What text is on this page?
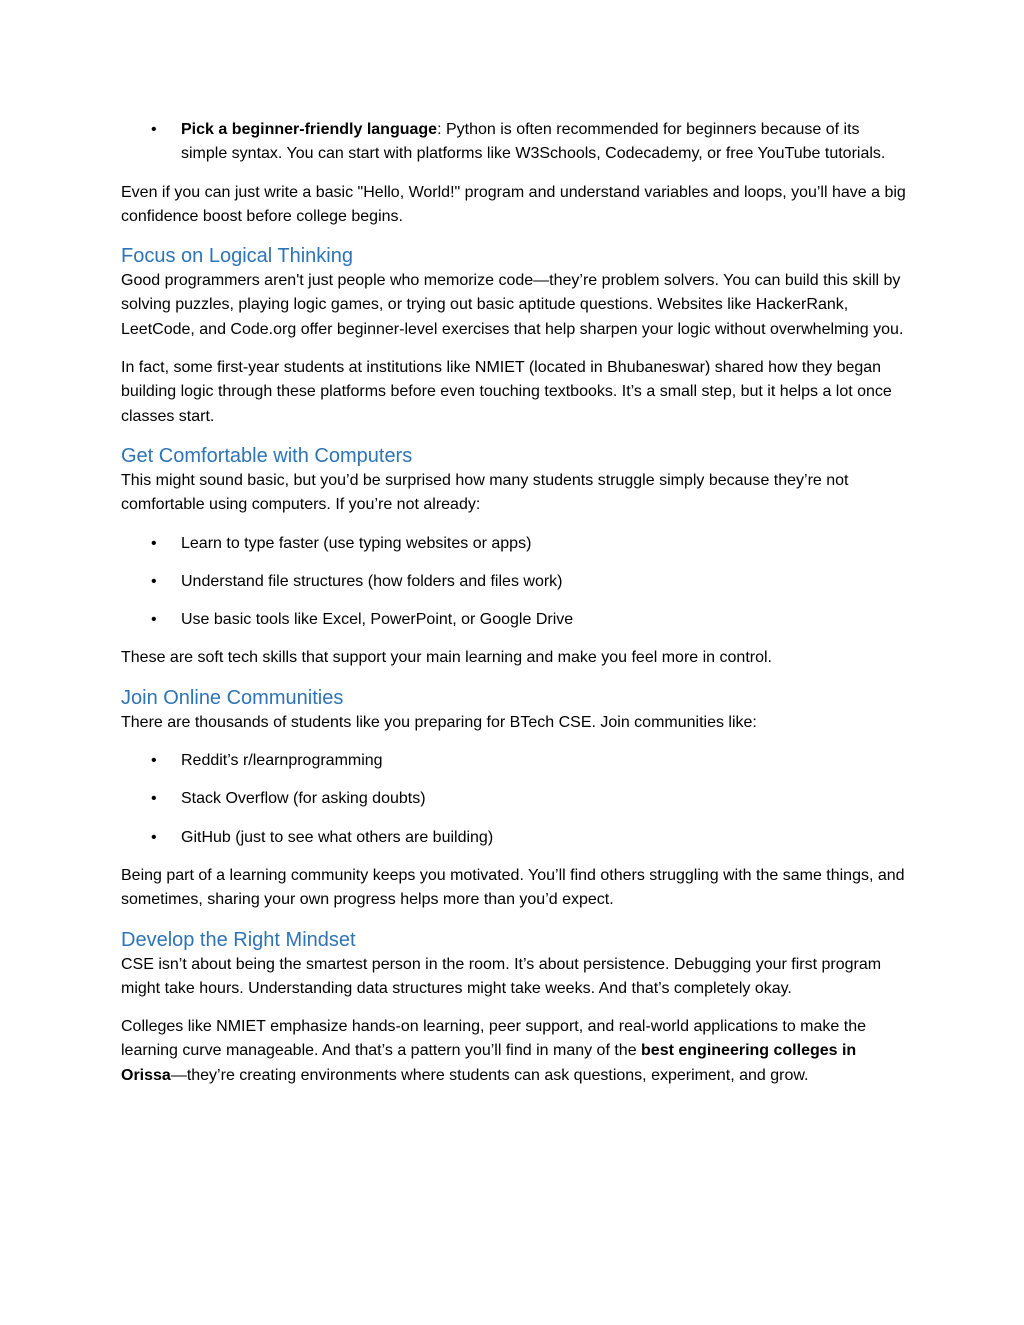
• Pick a beginner-friendly language: Python is often recommended for beginners because of its simple syntax. You can start with platforms like W3Schools, Codecademy, or free YouTube tutorials.

Even if you can just write a basic "Hello, World!" program and understand variables and loops, you’ll have a big confidence boost before college begins.

Focus on Logical Thinking

Good programmers aren't just people who memorize code—they’re problem solvers. You can build this skill by solving puzzles, playing logic games, or trying out basic aptitude questions. Websites like HackerRank, LeetCode, and Code.org offer beginner-level exercises that help sharpen your logic without overwhelming you.

In fact, some first-year students at institutions like NMIET (located in Bhubaneswar) shared how they began building logic through these platforms before even touching textbooks. It’s a small step, but it helps a lot once classes start.

Get Comfortable with Computers

This might sound basic, but you’d be surprised how many students struggle simply because they’re not comfortable using computers. If you’re not already:

• Learn to type faster (use typing websites or apps)
• Understand file structures (how folders and files work)
• Use basic tools like Excel, PowerPoint, or Google Drive

These are soft tech skills that support your main learning and make you feel more in control.

Join Online Communities

There are thousands of students like you preparing for BTech CSE. Join communities like:

• Reddit’s r/learnprogramming
• Stack Overflow (for asking doubts)
• GitHub (just to see what others are building)

Being part of a learning community keeps you motivated. You’ll find others struggling with the same things, and sometimes, sharing your own progress helps more than you’d expect.

Develop the Right Mindset

CSE isn’t about being the smartest person in the room. It’s about persistence. Debugging your first program might take hours. Understanding data structures might take weeks. And that’s completely okay.

Colleges like NMIET emphasize hands-on learning, peer support, and real-world applications to make the learning curve manageable. And that’s a pattern you’ll find in many of the best engineering colleges in Orissa—they’re creating environments where students can ask questions, experiment, and grow.
